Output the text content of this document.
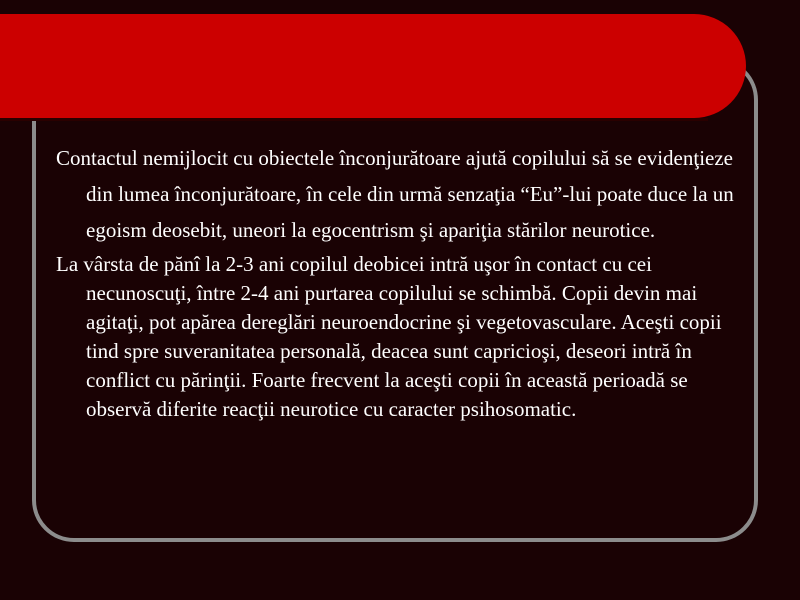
Contactul nemijlocit cu obiectele înconjurătoare ajută copilului să se evidenţieze din lumea înconjurătoare, în cele din urmă senzaţia “Eu”-lui poate duce la un egoism deosebit, uneori la egocentrism şi apariţia stărilor neurotice.

La vârsta de pănî la 2-3 ani copilul deobicei intră uşor în contact cu cei necunoscuţi, între 2-4 ani purtarea copilului se schimbă. Copii devin mai agitaţi, pot apărea dereglări neuroendocrine şi vegetovasculare. Aceşti copii tind spre suveranitatea personală, deacea sunt capricioşi, deseori intră în conflict cu părinţii. Foarte frecvent la aceşti copii în această perioadă se observă diferite reacţii neurotice cu caracter psihosomatic.
